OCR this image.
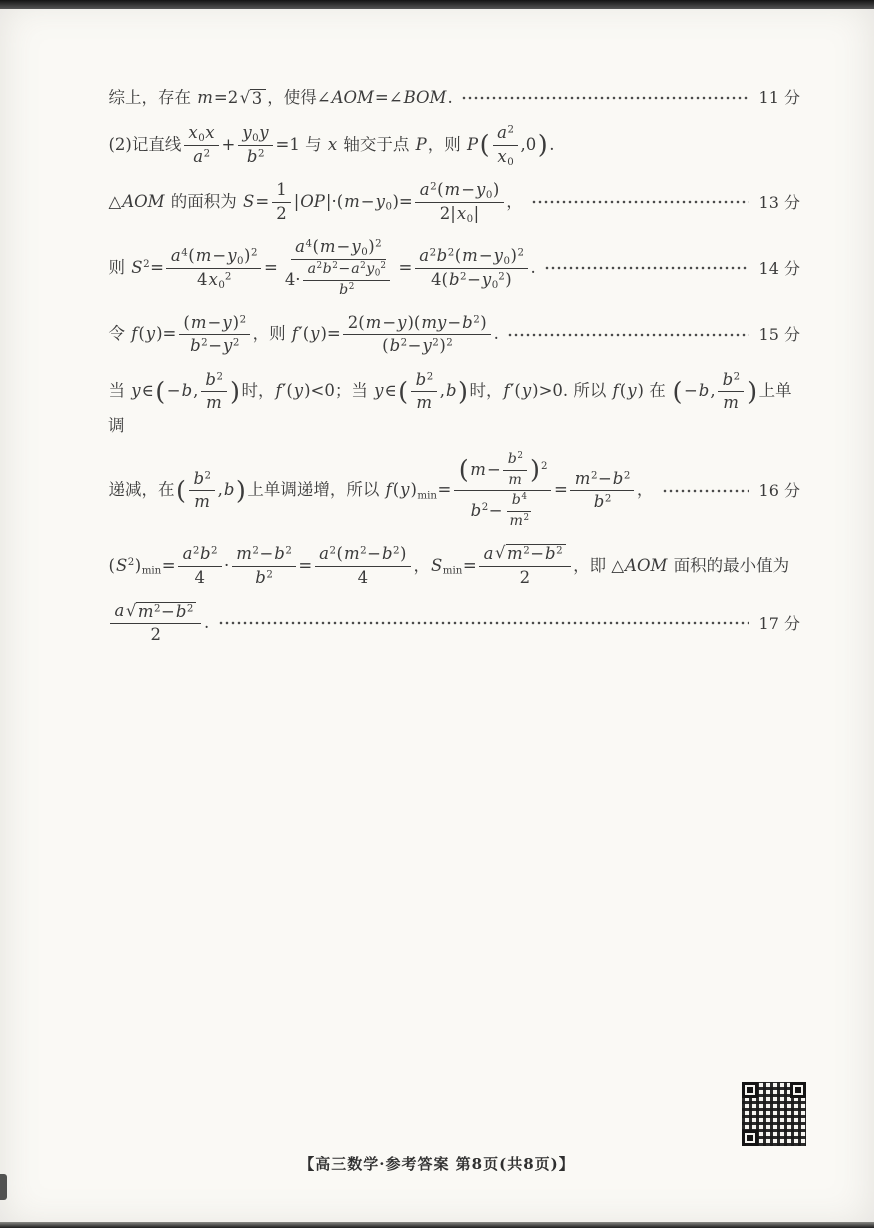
综上，存在 m=2 √ 3 ，使得∠AOM=∠BOM.	11 分
(2)记直线 $\frac{x_0x}{a^2} + \frac{y_0y}{b^2} =1$ 与 x 轴交于点 P，则 $P( \frac{a^2}{x_0} ,0)$.
△AOM 的面积为 $S= \frac{1}{2} |OP|\cdot(m-y_0)= \frac{a^2(m-y_0)}{2|x_0|}$ ，	13 分
则 $S^2= \frac{a^4(m-y_0)^2}{4x_0^2} = \frac{a^4(m-y_0)^2}{4\cdot \frac{a^2b^2-a^2y_0^2}{b^2}} = \frac{a^2b^2(m-y_0)^2}{4(b^2-y_0^2)}$ .	14 分
令 $f(y)= \frac{(m-y)^2}{b^2-y^2}$ ，则 $f'(y)= \frac{2(m-y)(my-b^2)}{(b^2-y^2)^2}$ .	15 分
当 y∈(−b, $\frac{b^2}{m}$ )时，f′(y)<0；当 y∈( $\frac{b^2}{m} ,b$)时，f′(y)>0. 所以 f(y) 在 (−b, $\frac{b^2}{m}$ )上单调
递减，在( $\frac{b^2}{m} ,b$)上单调递增，所以 $f(y)_{min}= \frac{(m- \frac{b^2}{m} )^2}{b^2- \frac{b^4}{m^2}} = \frac{m^2-b^2}{b^2}$ ，	16 分
$(S^2)_{min}= \frac{a^2b^2}{4} \cdot \frac{m^2-b^2}{b^2} = \frac{a^2(m^2-b^2)}{4}$ ，$S_{min}= \frac{a √ m^2-b^2}{2}$ ，即 △AOM 面积的最小值为
$\frac{a √ m^2-b^2}{2}$ .	17 分
【高三数学·参考答案 第8页(共8页)】
